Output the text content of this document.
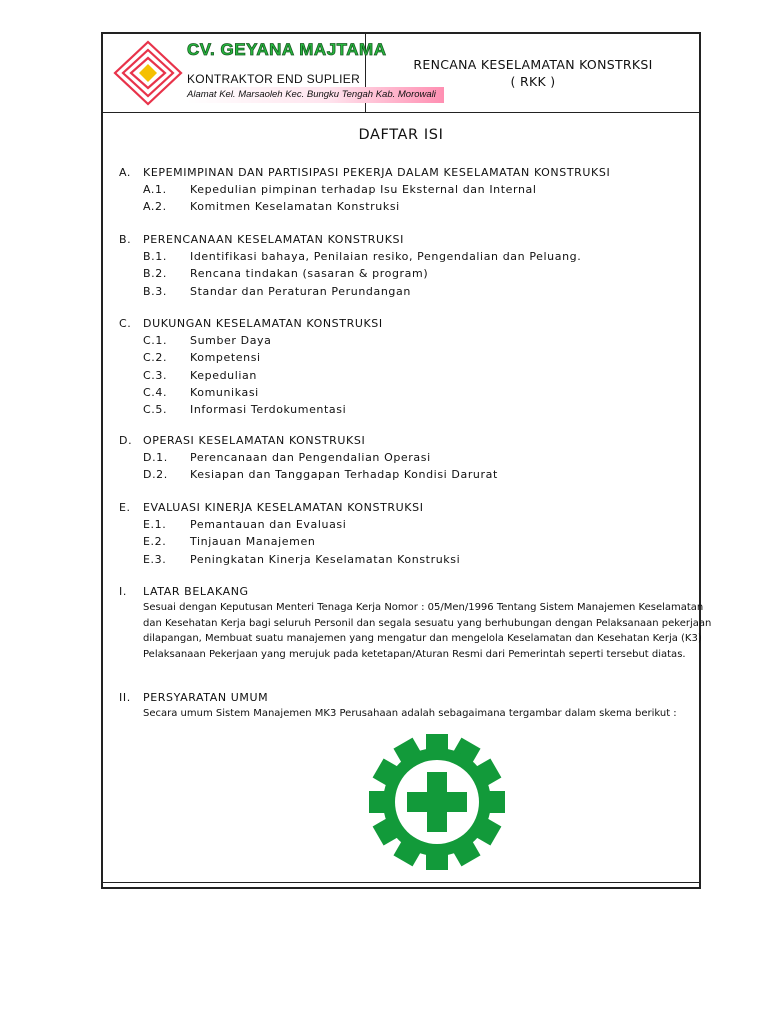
CV. GEYANA MAJTAMA
KONTRAKTOR END SUPLIER
Alamat Kel. Marsaoleh Kec. Bungku Tengah Kab. Morowali
RENCANA KESELAMATAN KONSTRKSI
( RKK )
DAFTAR ISI
A. KEPEMIMPINAN DAN PARTISIPASI PEKERJA DALAM KESELAMATAN KONSTRUKSI
A.1. Kepedulian pimpinan terhadap Isu Eksternal dan Internal
A.2. Komitmen Keselamatan Konstruksi
B. PERENCANAAN KESELAMATAN KONSTRUKSI
B.1. Identifikasi bahaya, Penilaian resiko, Pengendalian dan Peluang.
B.2. Rencana tindakan (sasaran & program)
B.3. Standar dan Peraturan Perundangan
C. DUKUNGAN KESELAMATAN KONSTRUKSI
C.1. Sumber Daya
C.2. Kompetensi
C.3. Kepedulian
C.4. Komunikasi
C.5. Informasi Terdokumentasi
D. OPERASI KESELAMATAN KONSTRUKSI
D.1. Perencanaan dan Pengendalian Operasi
D.2. Kesiapan dan Tanggapan Terhadap Kondisi Darurat
E. EVALUASI KINERJA KESELAMATAN KONSTRUKSI
E.1. Pemantauan dan Evaluasi
E.2. Tinjauan Manajemen
E.3. Peningkatan Kinerja Keselamatan Konstruksi
I. LATAR BELAKANG
Sesuai dengan Keputusan Menteri Tenaga Kerja Nomor : 05/Men/1996 Tentang Sistem Manajemen Keselamatan
dan Kesehatan Kerja bagi seluruh Personil dan segala sesuatu yang berhubungan dengan Pelaksanaan pekerjaan
dilapangan, Membuat suatu manajemen yang mengatur dan mengelola Keselamatan dan Kesehatan Kerja (K3)
Pelaksanaan Pekerjaan yang merujuk pada ketetapan/Aturan Resmi dari Pemerintah seperti tersebut diatas.
II. PERSYARATAN UMUM
Secara umum Sistem Manajemen MK3 Perusahaan adalah sebagaimana tergambar dalam skema berikut :
